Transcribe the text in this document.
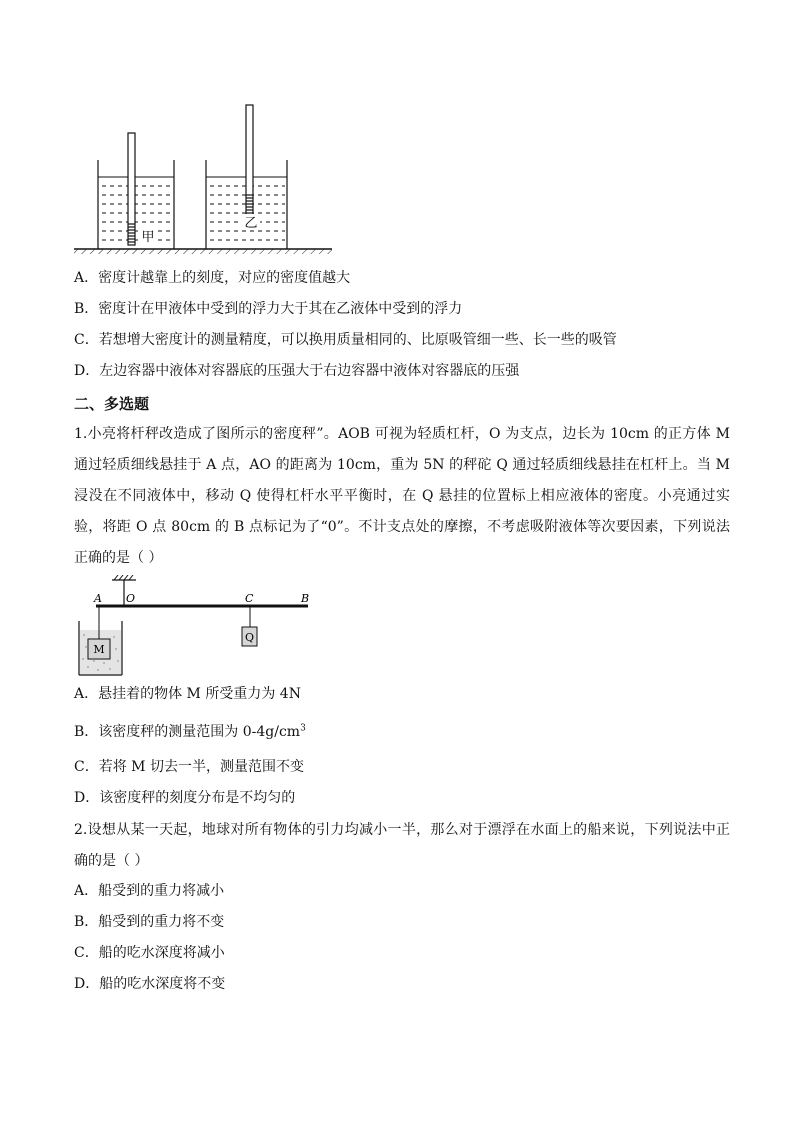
甲
乙
A．密度计越靠上的刻度，对应的密度值越大
B．密度计在甲液体中受到的浮力大于其在乙液体中受到的浮力
C．若想增大密度计的测量精度，可以换用质量相同的、比原吸管细一些、长一些的吸管
D．左边容器中液体对容器底的压强大于右边容器中液体对容器底的压强
二、多选题
1.小亮将杆秤改造成了图所示的密度秤”。AOB 可视为轻质杠杆，O 为支点，边长为 10cm 的正方体 M 通过轻质细线悬挂于 A 点，AO 的距离为 10cm，重为 5N 的秤砣 Q 通过轻质细线悬挂在杠杆上。当 M 浸没在不同液体中，移动 Q 使得杠杆水平平衡时，在 Q 悬挂的位置标上相应液体的密度。小亮通过实验，将距 O 点 80cm 的 B 点标记为了“0”。不计支点处的摩擦，不考虑吸附液体等次要因素，下列说法正确的是（ ）
A O	C	B
M
Q
A．悬挂着的物体 M 所受重力为 4N
B．该密度秤的测量范围为 $0-4g/cm^3$
C．若将 M 切去一半，测量范围不变
D．该密度秤的刻度分布是不均匀的
2.设想从某一天起，地球对所有物体的引力均减小一半，那么对于漂浮在水面上的船来说，下列说法中正确的是（ ）
A．船受到的重力将减小
B．船受到的重力将不变
C．船的吃水深度将减小
D．船的吃水深度将不变
